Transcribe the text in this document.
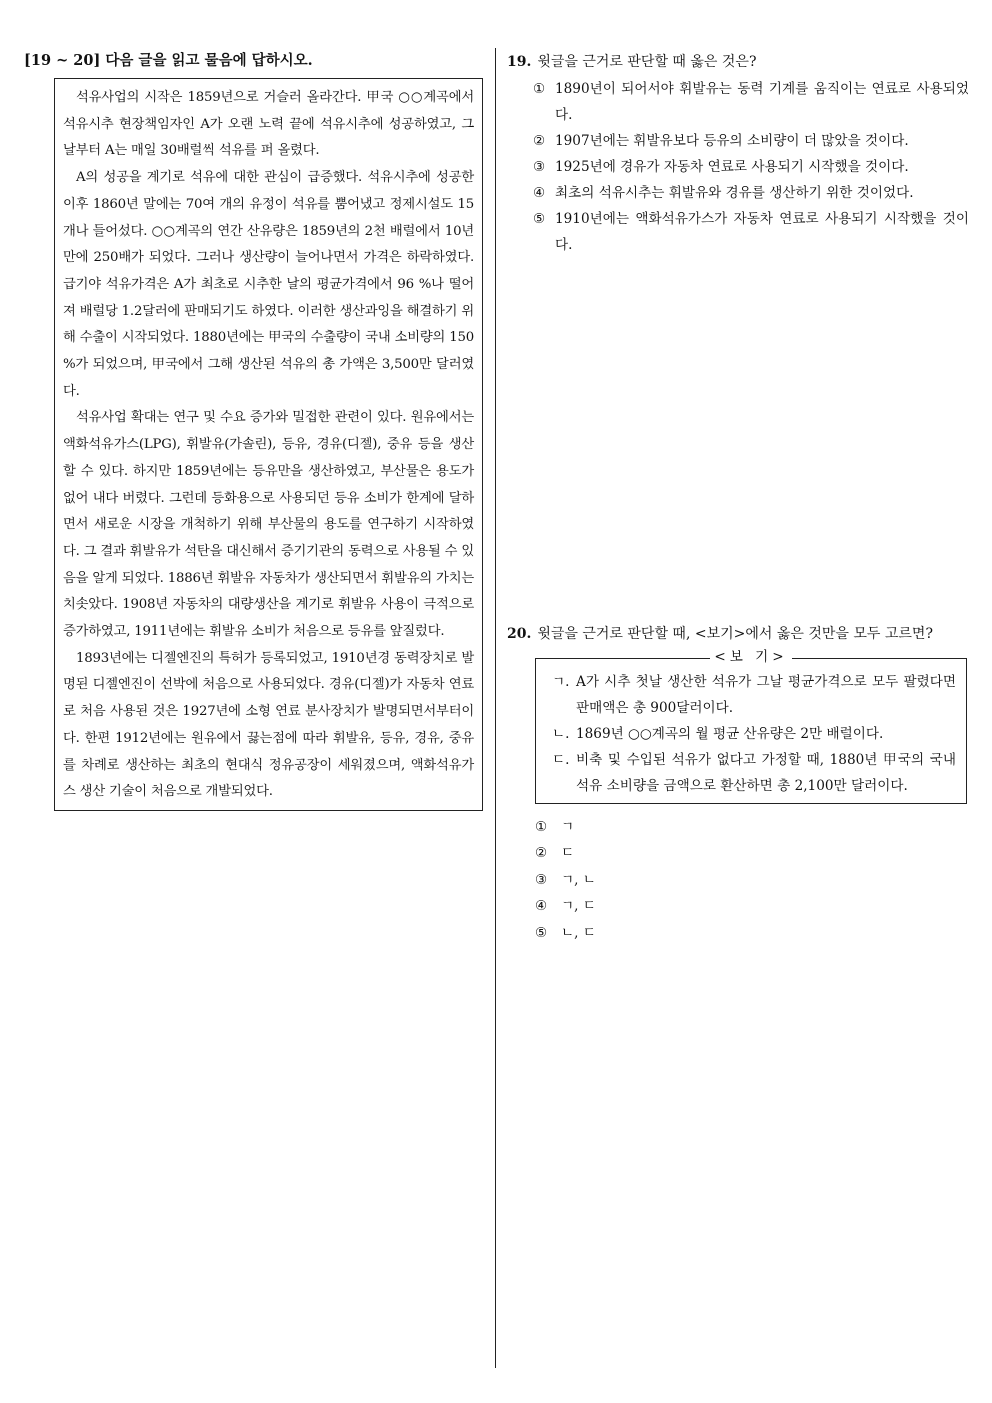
[19 ~ 20] 다음 글을 읽고 물음에 답하시오.

석유사업의 시작은 1859년으로 거슬러 올라간다. 甲국 ○○계곡에서 석유시추 현장책임자인 A가 오랜 노력 끝에 석유시추에 성공하였고, 그날부터 A는 매일 30배럴씩 석유를 퍼 올렸다.

A의 성공을 계기로 석유에 대한 관심이 급증했다. 석유시추에 성공한 이후 1860년 말에는 70여 개의 유정이 석유를 뿜어냈고 정제시설도 15개나 들어섰다. ○○계곡의 연간 산유량은 1859년의 2천 배럴에서 10년 만에 250배가 되었다. 그러나 생산량이 늘어나면서 가격은 하락하였다. 급기야 석유가격은 A가 최초로 시추한 날의 평균가격에서 96 %나 떨어져 배럴당 1.2달러에 판매되기도 하였다. 이러한 생산과잉을 해결하기 위해 수출이 시작되었다. 1880년에는 甲국의 수출량이 국내 소비량의 150 %가 되었으며, 甲국에서 그해 생산된 석유의 총 가액은 3,500만 달러였다.

석유사업 확대는 연구 및 수요 증가와 밀접한 관련이 있다. 원유에서는 액화석유가스(LPG), 휘발유(가솔린), 등유, 경유(디젤), 중유 등을 생산할 수 있다. 하지만 1859년에는 등유만을 생산하였고, 부산물은 용도가 없어 내다 버렸다. 그런데 등화용으로 사용되던 등유 소비가 한계에 달하면서 새로운 시장을 개척하기 위해 부산물의 용도를 연구하기 시작하였다. 그 결과 휘발유가 석탄을 대신해서 증기기관의 동력으로 사용될 수 있음을 알게 되었다. 1886년 휘발유 자동차가 생산되면서 휘발유의 가치는 치솟았다. 1908년 자동차의 대량생산을 계기로 휘발유 사용이 극적으로 증가하였고, 1911년에는 휘발유 소비가 처음으로 등유를 앞질렀다.

1893년에는 디젤엔진의 특허가 등록되었고, 1910년경 동력장치로 발명된 디젤엔진이 선박에 처음으로 사용되었다. 경유(디젤)가 자동차 연료로 처음 사용된 것은 1927년에 소형 연료 분사장치가 발명되면서부터이다. 한편 1912년에는 원유에서 끓는점에 따라 휘발유, 등유, 경유, 중유를 차례로 생산하는 최초의 현대식 정유공장이 세워졌으며, 액화석유가스 생산 기술이 처음으로 개발되었다.

19. 윗글을 근거로 판단할 때 옳은 것은?

① 1890년이 되어서야 휘발유는 동력 기계를 움직이는 연료로 사용되었다.
② 1907년에는 휘발유보다 등유의 소비량이 더 많았을 것이다.
③ 1925년에 경유가 자동차 연료로 사용되기 시작했을 것이다.
④ 최초의 석유시추는 휘발유와 경유를 생산하기 위한 것이었다.
⑤ 1910년에는 액화석유가스가 자동차 연료로 사용되기 시작했을 것이다.

20. 윗글을 근거로 판단할 때, <보기>에서 옳은 것만을 모두 고르면?

<보 기>
ㄱ. A가 시추 첫날 생산한 석유가 그날 평균가격으로 모두 팔렸다면 판매액은 총 900달러이다.
ㄴ. 1869년 ○○계곡의 월 평균 산유량은 2만 배럴이다.
ㄷ. 비축 및 수입된 석유가 없다고 가정할 때, 1880년 甲국의 국내 석유 소비량을 금액으로 환산하면 총 2,100만 달러이다.
①	ㄱ
②	ㄷ
③	ㄱ, ㄴ
④	ㄱ, ㄷ
⑤	ㄴ, ㄷ
